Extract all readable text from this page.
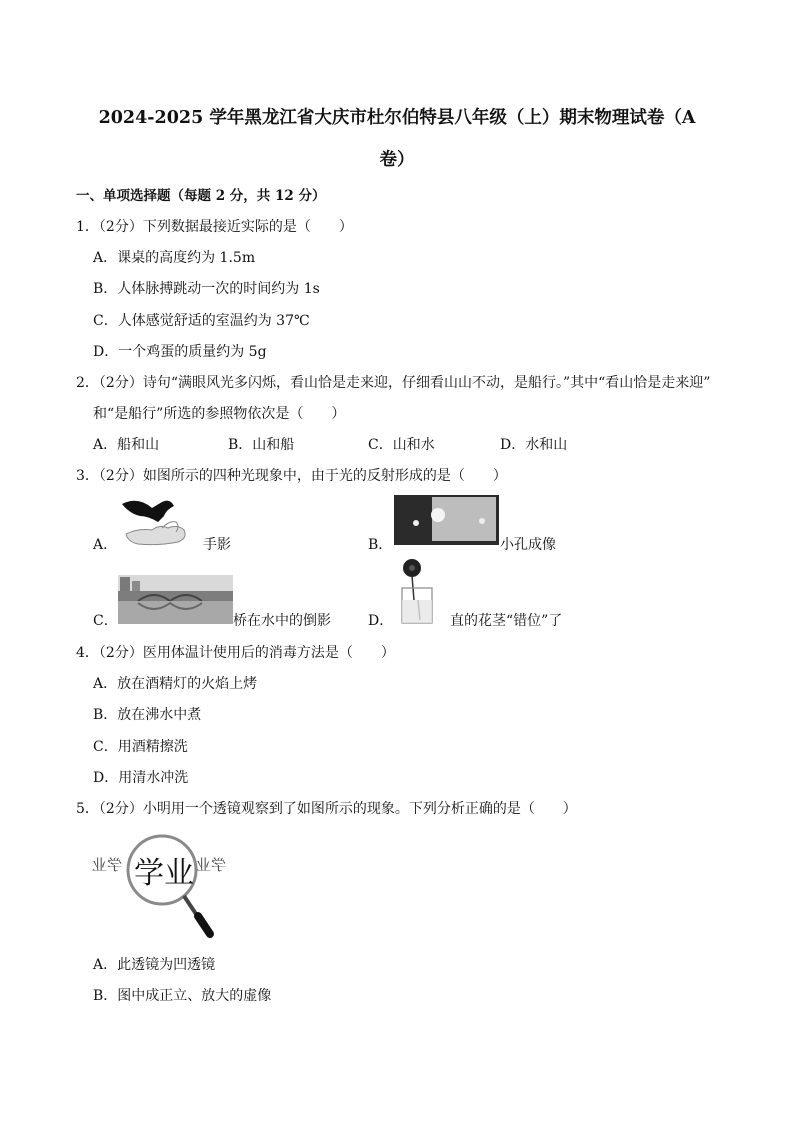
2024-2025 学年黑龙江省大庆市杜尔伯特县八年级（上）期末物理试卷（A
卷）
一、单项选择题（每题 2 分，共 12 分）
1．（2分）下列数据最接近实际的是（　　）
A．课桌的高度约为 1.5m
B．人体脉搏跳动一次的时间约为 1s
C．人体感觉舒适的室温约为 37℃
D．一个鸡蛋的质量约为 5g
2．（2分）诗句“满眼风光多闪烁，看山恰是走来迎，仔细看山山不动，是船行。”其中“看山恰是走来迎”
和“是船行”所选的参照物依次是（　　）
A．船和山	B．山和船	C．山和水	D．水和山
3．（2分）如图所示的四种光现象中，由于光的反射形成的是（　　）
A．	手影	B．	小孔成像
C．	桥在水中的倒影	D．	直的花茎“错位”了
4．（2分）医用体温计使用后的消毒方法是（　　）
A．放在酒精灯的火焰上烤
B．放在沸水中煮
C．用酒精擦洗
D．用清水冲洗
5．（2分）小明用一个透镜观察到了如图所示的现象。下列分析正确的是（　　）
学业	学业
学业
A．此透镜为凹透镜
B．图中成正立、放大的虚像
